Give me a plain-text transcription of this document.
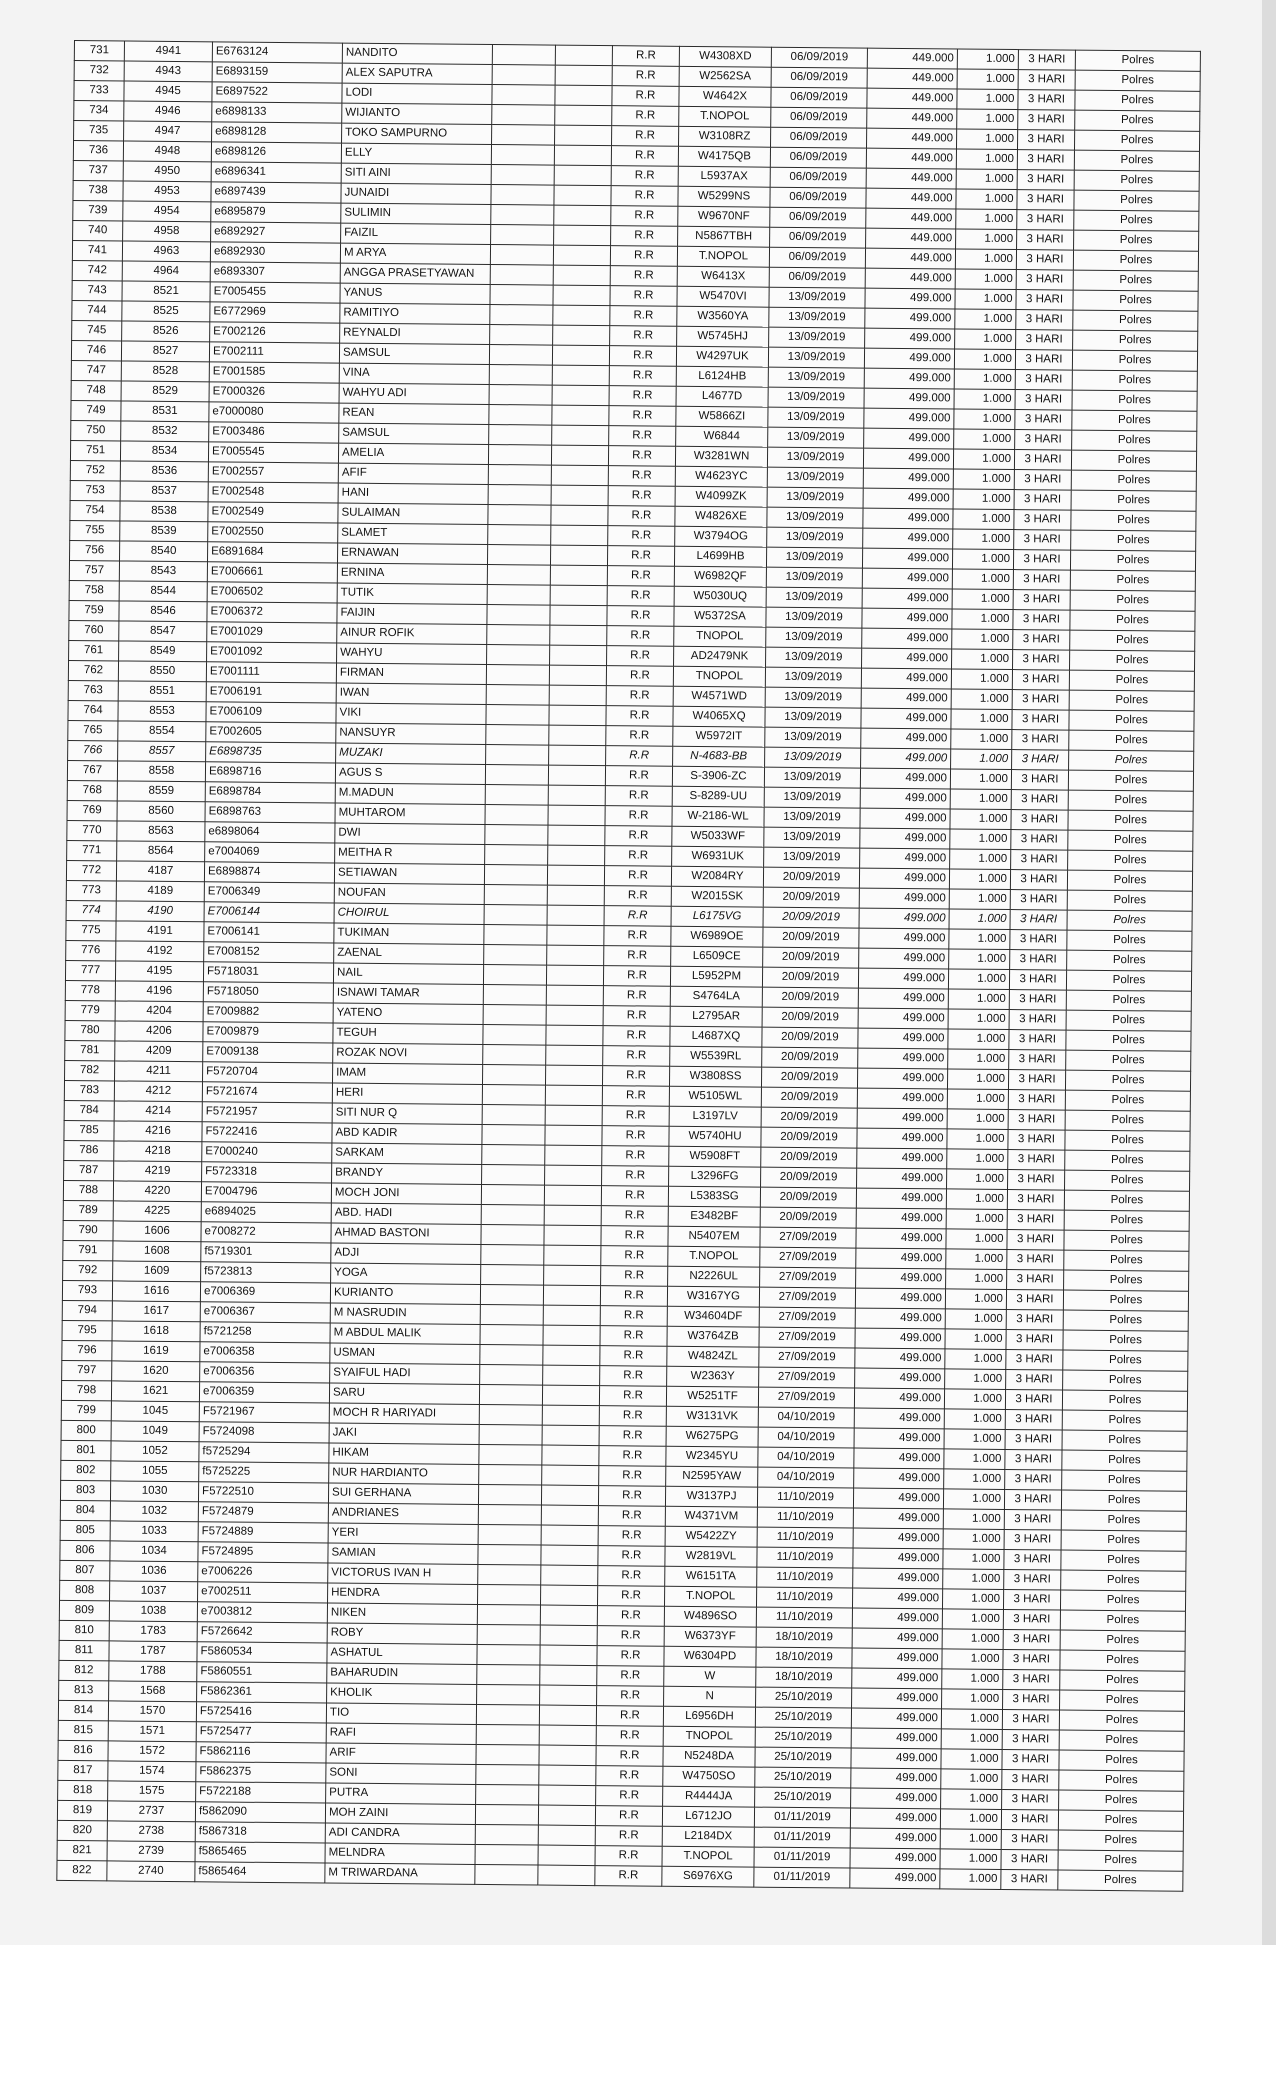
731	4941	E6763124	NANDITO			R.R	W4308XD	06/09/2019	449.000	1.000	3 HARI	Polres
732	4943	E6893159	ALEX SAPUTRA			R.R	W2562SA	06/09/2019	449.000	1.000	3 HARI	Polres
733	4945	E6897522	LODI			R.R	W4642X	06/09/2019	449.000	1.000	3 HARI	Polres
734	4946	e6898133	WIJIANTO			R.R	T.NOPOL	06/09/2019	449.000	1.000	3 HARI	Polres
735	4947	e6898128	TOKO SAMPURNO			R.R	W3108RZ	06/09/2019	449.000	1.000	3 HARI	Polres
736	4948	e6898126	ELLY			R.R	W4175QB	06/09/2019	449.000	1.000	3 HARI	Polres
737	4950	e6896341	SITI AINI			R.R	L5937AX	06/09/2019	449.000	1.000	3 HARI	Polres
738	4953	e6897439	JUNAIDI			R.R	W5299NS	06/09/2019	449.000	1.000	3 HARI	Polres
739	4954	e6895879	SULIMIN			R.R	W9670NF	06/09/2019	449.000	1.000	3 HARI	Polres
740	4958	e6892927	FAIZIL			R.R	N5867TBH	06/09/2019	449.000	1.000	3 HARI	Polres
741	4963	e6892930	M ARYA			R.R	T.NOPOL	06/09/2019	449.000	1.000	3 HARI	Polres
742	4964	e6893307	ANGGA PRASETYAWAN			R.R	W6413X	06/09/2019	449.000	1.000	3 HARI	Polres
743	8521	E7005455	YANUS			R.R	W5470VI	13/09/2019	499.000	1.000	3 HARI	Polres
744	8525	E6772969	RAMITIYO			R.R	W3560YA	13/09/2019	499.000	1.000	3 HARI	Polres
745	8526	E7002126	REYNALDI			R.R	W5745HJ	13/09/2019	499.000	1.000	3 HARI	Polres
746	8527	E7002111	SAMSUL			R.R	W4297UK	13/09/2019	499.000	1.000	3 HARI	Polres
747	8528	E7001585	VINA			R.R	L6124HB	13/09/2019	499.000	1.000	3 HARI	Polres
748	8529	E7000326	WAHYU ADI			R.R	L4677D	13/09/2019	499.000	1.000	3 HARI	Polres
749	8531	e7000080	REAN			R.R	W5866ZI	13/09/2019	499.000	1.000	3 HARI	Polres
750	8532	E7003486	SAMSUL			R.R	W6844	13/09/2019	499.000	1.000	3 HARI	Polres
751	8534	E7005545	AMELIA			R.R	W3281WN	13/09/2019	499.000	1.000	3 HARI	Polres
752	8536	E7002557	AFIF			R.R	W4623YC	13/09/2019	499.000	1.000	3 HARI	Polres
753	8537	E7002548	HANI			R.R	W4099ZK	13/09/2019	499.000	1.000	3 HARI	Polres
754	8538	E7002549	SULAIMAN			R.R	W4826XE	13/09/2019	499.000	1.000	3 HARI	Polres
755	8539	E7002550	SLAMET			R.R	W3794OG	13/09/2019	499.000	1.000	3 HARI	Polres
756	8540	E6891684	ERNAWAN			R.R	L4699HB	13/09/2019	499.000	1.000	3 HARI	Polres
757	8543	E7006661	ERNINA			R.R	W6982QF	13/09/2019	499.000	1.000	3 HARI	Polres
758	8544	E7006502	TUTIK			R.R	W5030UQ	13/09/2019	499.000	1.000	3 HARI	Polres
759	8546	E7006372	FAIJIN			R.R	W5372SA	13/09/2019	499.000	1.000	3 HARI	Polres
760	8547	E7001029	AINUR ROFIK			R.R	TNOPOL	13/09/2019	499.000	1.000	3 HARI	Polres
761	8549	E7001092	WAHYU			R.R	AD2479NK	13/09/2019	499.000	1.000	3 HARI	Polres
762	8550	E7001111	FIRMAN			R.R	TNOPOL	13/09/2019	499.000	1.000	3 HARI	Polres
763	8551	E7006191	IWAN			R.R	W4571WD	13/09/2019	499.000	1.000	3 HARI	Polres
764	8553	E7006109	VIKI			R.R	W4065XQ	13/09/2019	499.000	1.000	3 HARI	Polres
765	8554	E7002605	NANSUYR			R.R	W5972IT	13/09/2019	499.000	1.000	3 HARI	Polres
766	8557	E6898735	MUZAKI			R.R	N-4683-BB	13/09/2019	499.000	1.000	3 HARI	Polres
767	8558	E6898716	AGUS S			R.R	S-3906-ZC	13/09/2019	499.000	1.000	3 HARI	Polres
768	8559	E6898784	M.MADUN			R.R	S-8289-UU	13/09/2019	499.000	1.000	3 HARI	Polres
769	8560	E6898763	MUHTAROM			R.R	W-2186-WL	13/09/2019	499.000	1.000	3 HARI	Polres
770	8563	e6898064	DWI			R.R	W5033WF	13/09/2019	499.000	1.000	3 HARI	Polres
771	8564	e7004069	MEITHA R			R.R	W6931UK	13/09/2019	499.000	1.000	3 HARI	Polres
772	4187	E6898874	SETIAWAN			R.R	W2084RY	20/09/2019	499.000	1.000	3 HARI	Polres
773	4189	E7006349	NOUFAN			R.R	W2015SK	20/09/2019	499.000	1.000	3 HARI	Polres
774	4190	E7006144	CHOIRUL			R.R	L6175VG	20/09/2019	499.000	1.000	3 HARI	Polres
775	4191	E7006141	TUKIMAN			R.R	W6989OE	20/09/2019	499.000	1.000	3 HARI	Polres
776	4192	E7008152	ZAENAL			R.R	L6509CE	20/09/2019	499.000	1.000	3 HARI	Polres
777	4195	F5718031	NAIL			R.R	L5952PM	20/09/2019	499.000	1.000	3 HARI	Polres
778	4196	F5718050	ISNAWI TAMAR			R.R	S4764LA	20/09/2019	499.000	1.000	3 HARI	Polres
779	4204	E7009882	YATENO			R.R	L2795AR	20/09/2019	499.000	1.000	3 HARI	Polres
780	4206	E7009879	TEGUH			R.R	L4687XQ	20/09/2019	499.000	1.000	3 HARI	Polres
781	4209	E7009138	ROZAK NOVI			R.R	W5539RL	20/09/2019	499.000	1.000	3 HARI	Polres
782	4211	F5720704	IMAM			R.R	W3808SS	20/09/2019	499.000	1.000	3 HARI	Polres
783	4212	F5721674	HERI			R.R	W5105WL	20/09/2019	499.000	1.000	3 HARI	Polres
784	4214	F5721957	SITI NUR Q			R.R	L3197LV	20/09/2019	499.000	1.000	3 HARI	Polres
785	4216	F5722416	ABD KADIR			R.R	W5740HU	20/09/2019	499.000	1.000	3 HARI	Polres
786	4218	E7000240	SARKAM			R.R	W5908FT	20/09/2019	499.000	1.000	3 HARI	Polres
787	4219	F5723318	BRANDY			R.R	L3296FG	20/09/2019	499.000	1.000	3 HARI	Polres
788	4220	E7004796	MOCH JONI			R.R	L5383SG	20/09/2019	499.000	1.000	3 HARI	Polres
789	4225	e6894025	ABD. HADI			R.R	E3482BF	20/09/2019	499.000	1.000	3 HARI	Polres
790	1606	e7008272	AHMAD BASTONI			R.R	N5407EM	27/09/2019	499.000	1.000	3 HARI	Polres
791	1608	f5719301	ADJI			R.R	T.NOPOL	27/09/2019	499.000	1.000	3 HARI	Polres
792	1609	f5723813	YOGA			R.R	N2226UL	27/09/2019	499.000	1.000	3 HARI	Polres
793	1616	e7006369	KURIANTO			R.R	W3167YG	27/09/2019	499.000	1.000	3 HARI	Polres
794	1617	e7006367	M NASRUDIN			R.R	W34604DF	27/09/2019	499.000	1.000	3 HARI	Polres
795	1618	f5721258	M ABDUL MALIK			R.R	W3764ZB	27/09/2019	499.000	1.000	3 HARI	Polres
796	1619	e7006358	USMAN			R.R	W4824ZL	27/09/2019	499.000	1.000	3 HARI	Polres
797	1620	e7006356	SYAIFUL HADI			R.R	W2363Y	27/09/2019	499.000	1.000	3 HARI	Polres
798	1621	e7006359	SARU			R.R	W5251TF	27/09/2019	499.000	1.000	3 HARI	Polres
799	1045	F5721967	MOCH R HARIYADI			R.R	W3131VK	04/10/2019	499.000	1.000	3 HARI	Polres
800	1049	F5724098	JAKI			R.R	W6275PG	04/10/2019	499.000	1.000	3 HARI	Polres
801	1052	f5725294	HIKAM			R.R	W2345YU	04/10/2019	499.000	1.000	3 HARI	Polres
802	1055	f5725225	NUR HARDIANTO			R.R	N2595YAW	04/10/2019	499.000	1.000	3 HARI	Polres
803	1030	F5722510	SUI GERHANA			R.R	W3137PJ	11/10/2019	499.000	1.000	3 HARI	Polres
804	1032	F5724879	ANDRIANES			R.R	W4371VM	11/10/2019	499.000	1.000	3 HARI	Polres
805	1033	F5724889	YERI			R.R	W5422ZY	11/10/2019	499.000	1.000	3 HARI	Polres
806	1034	F5724895	SAMIAN			R.R	W2819VL	11/10/2019	499.000	1.000	3 HARI	Polres
807	1036	e7006226	VICTORUS IVAN H			R.R	W6151TA	11/10/2019	499.000	1.000	3 HARI	Polres
808	1037	e7002511	HENDRA			R.R	T.NOPOL	11/10/2019	499.000	1.000	3 HARI	Polres
809	1038	e7003812	NIKEN			R.R	W4896SO	11/10/2019	499.000	1.000	3 HARI	Polres
810	1783	F5726642	ROBY			R.R	W6373YF	18/10/2019	499.000	1.000	3 HARI	Polres
811	1787	F5860534	ASHATUL			R.R	W6304PD	18/10/2019	499.000	1.000	3 HARI	Polres
812	1788	F5860551	BAHARUDIN			R.R	W	18/10/2019	499.000	1.000	3 HARI	Polres
813	1568	F5862361	KHOLIK			R.R	N	25/10/2019	499.000	1.000	3 HARI	Polres
814	1570	F5725416	TIO			R.R	L6956DH	25/10/2019	499.000	1.000	3 HARI	Polres
815	1571	F5725477	RAFI			R.R	TNOPOL	25/10/2019	499.000	1.000	3 HARI	Polres
816	1572	F5862116	ARIF			R.R	N5248DA	25/10/2019	499.000	1.000	3 HARI	Polres
817	1574	F5862375	SONI			R.R	W4750SO	25/10/2019	499.000	1.000	3 HARI	Polres
818	1575	F5722188	PUTRA			R.R	R4444JA	25/10/2019	499.000	1.000	3 HARI	Polres
819	2737	f5862090	MOH ZAINI			R.R	L6712JO	01/11/2019	499.000	1.000	3 HARI	Polres
820	2738	f5867318	ADI CANDRA			R.R	L2184DX	01/11/2019	499.000	1.000	3 HARI	Polres
821	2739	f5865465	MELNDRA			R.R	T.NOPOL	01/11/2019	499.000	1.000	3 HARI	Polres
822	2740	f5865464	M TRIWARDANA			R.R	S6976XG	01/11/2019	499.000	1.000	3 HARI	Polres
